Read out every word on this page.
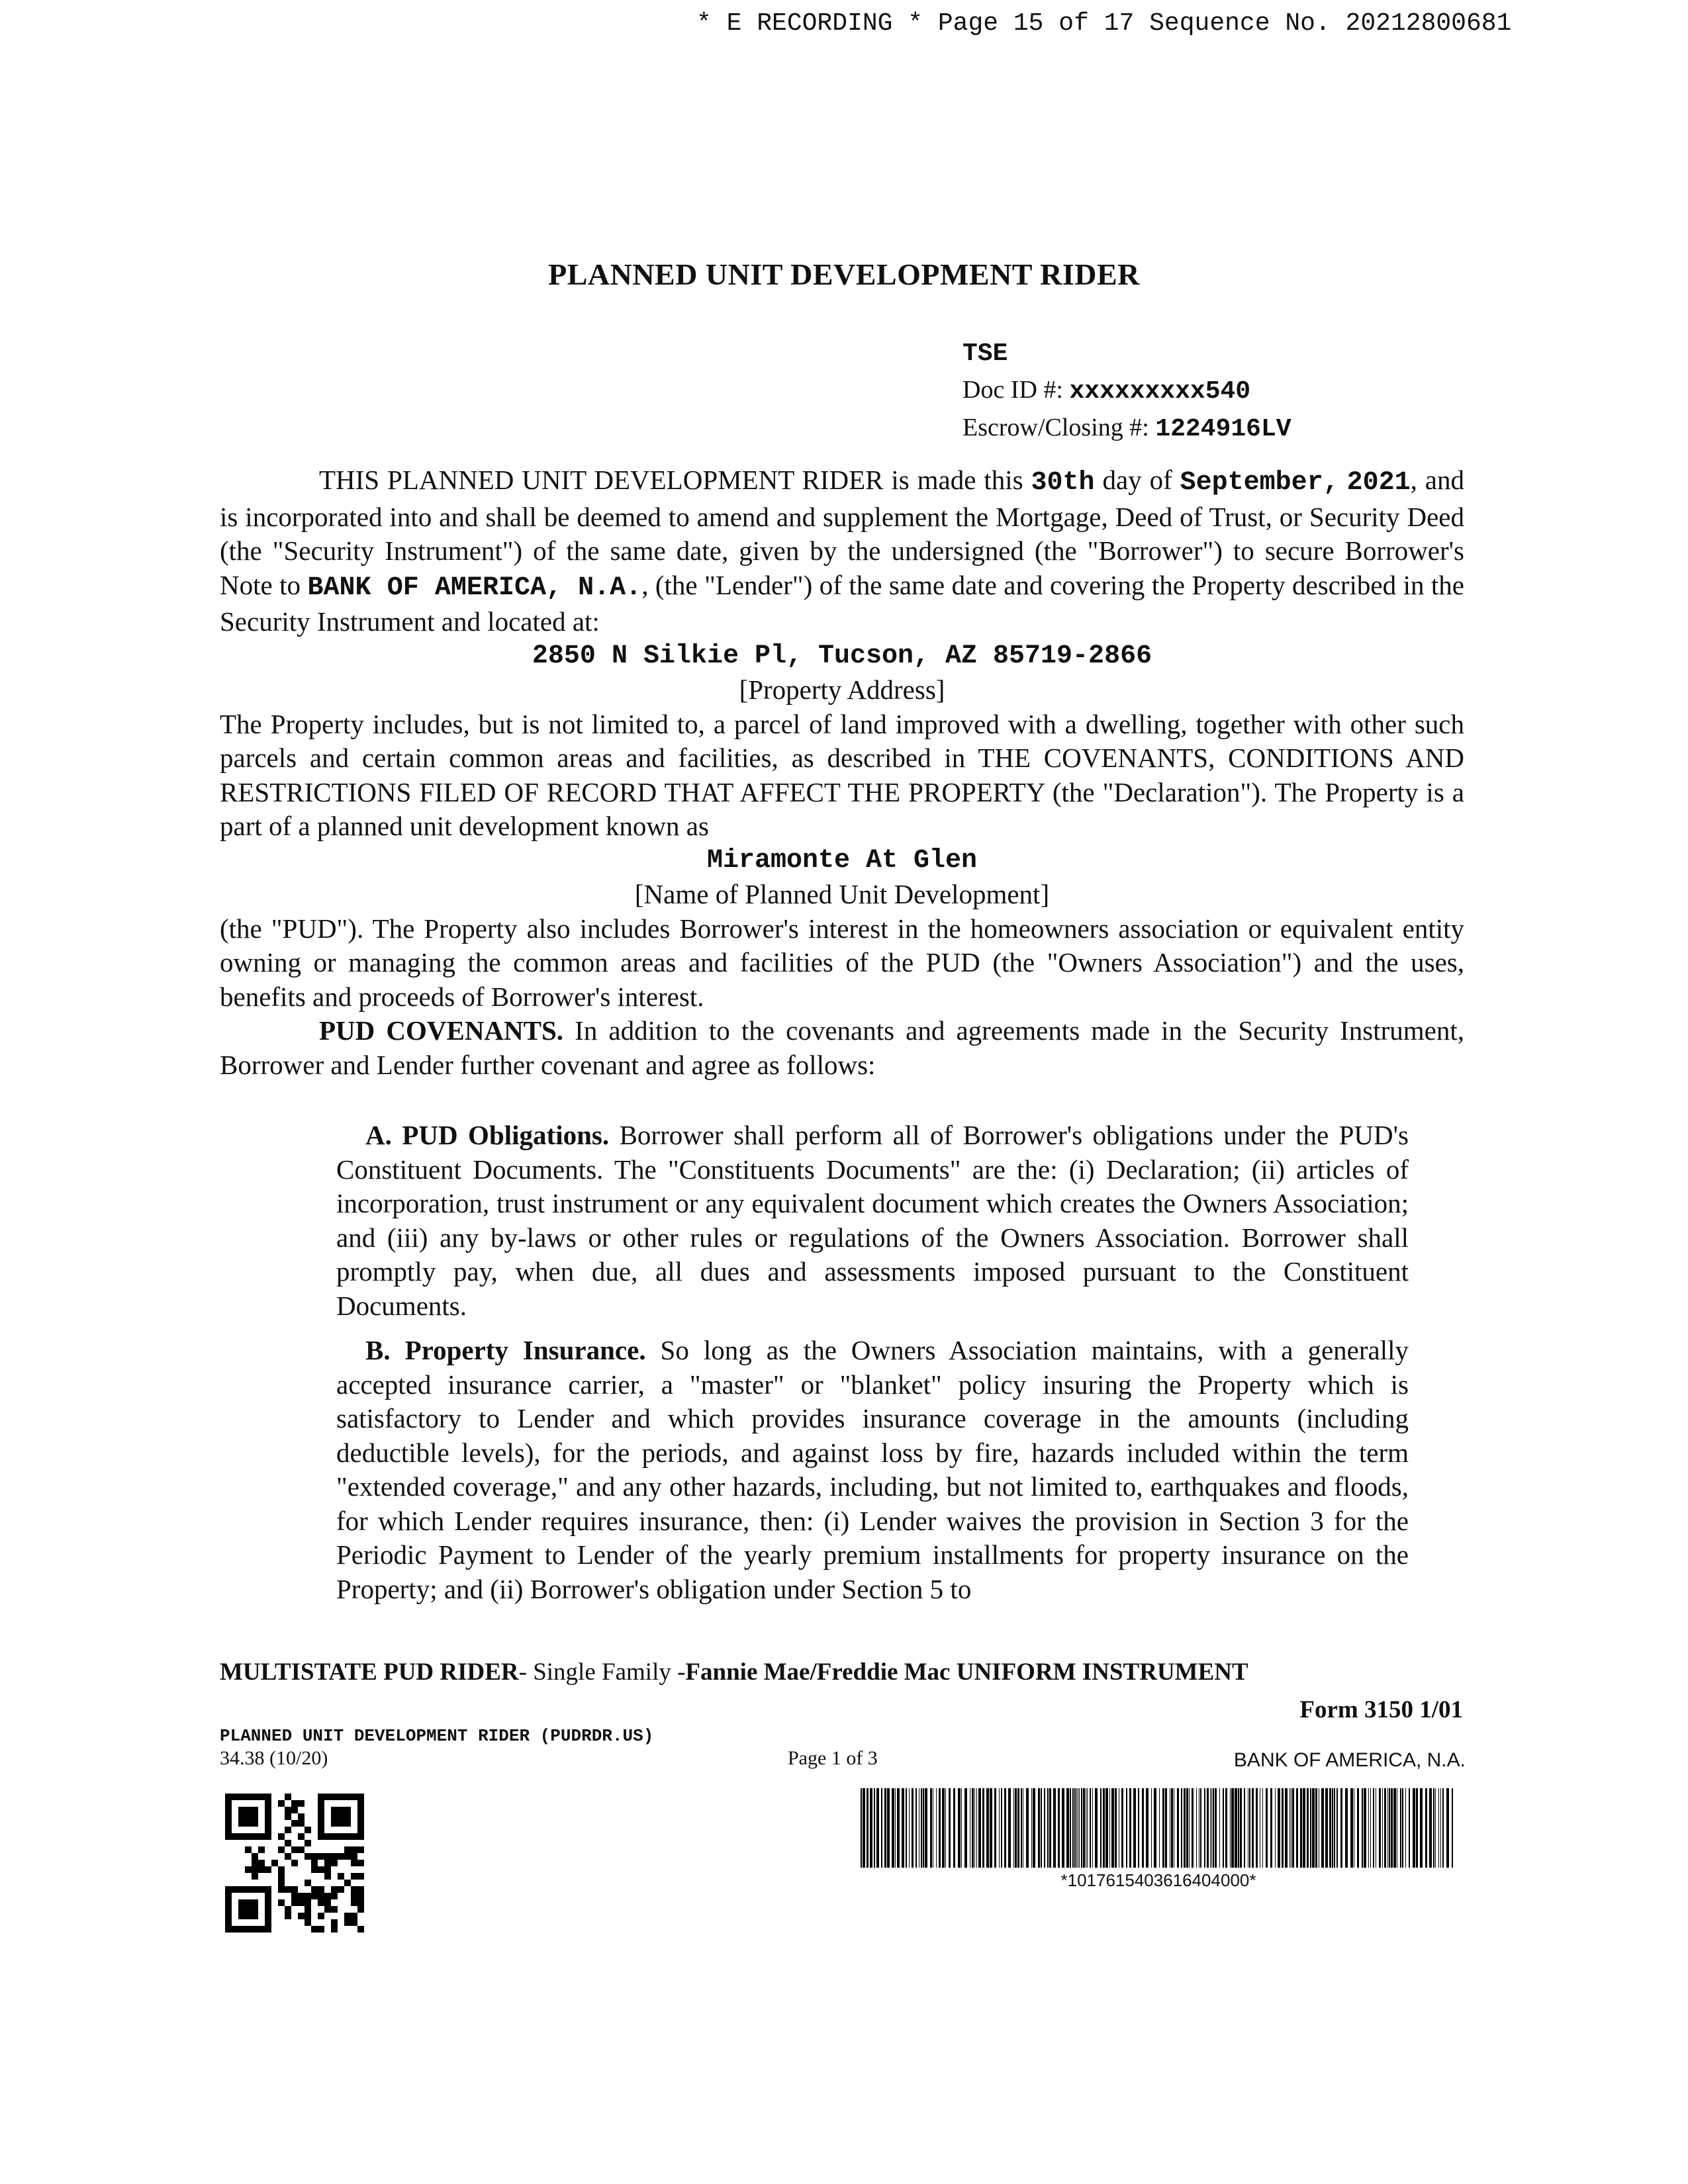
* E RECORDING * Page 15 of 17 Sequence No. 20212800681
PLANNED UNIT DEVELOPMENT RIDER
TSE
Doc ID #: xxxxxxxxx540
Escrow/Closing #: 1224916LV

THIS PLANNED UNIT DEVELOPMENT RIDER is made this 30th day of September, 2021, and is incorporated into and shall be deemed to amend and supplement the Mortgage, Deed of Trust, or Security Deed (the "Security Instrument") of the same date, given by the undersigned (the "Borrower") to secure Borrower's Note to BANK OF AMERICA, N.A., (the "Lender") of the same date and covering the Property described in the Security Instrument and located at:

2850 N Silkie Pl, Tucson, AZ 85719-2866

[Property Address]

The Property includes, but is not limited to, a parcel of land improved with a dwelling, together with other such parcels and certain common areas and facilities, as described in THE COVENANTS, CONDITIONS AND RESTRICTIONS FILED OF RECORD THAT AFFECT THE PROPERTY (the "Declaration"). The Property is a part of a planned unit development known as

Miramonte At Glen

[Name of Planned Unit Development]

(the "PUD"). The Property also includes Borrower's interest in the homeowners association or equivalent entity owning or managing the common areas and facilities of the PUD (the "Owners Association") and the uses, benefits and proceeds of Borrower's interest.

PUD COVENANTS. In addition to the covenants and agreements made in the Security Instrument, Borrower and Lender further covenant and agree as follows:

A. PUD Obligations. Borrower shall perform all of Borrower's obligations under the PUD's Constituent Documents. The "Constituents Documents" are the: (i) Declaration; (ii) articles of incorporation, trust instrument or any equivalent document which creates the Owners Association; and (iii) any by-laws or other rules or regulations of the Owners Association. Borrower shall promptly pay, when due, all dues and assessments imposed pursuant to the Constituent Documents.

B. Property Insurance. So long as the Owners Association maintains, with a generally accepted insurance carrier, a "master" or "blanket" policy insuring the Property which is satisfactory to Lender and which provides insurance coverage in the amounts (including deductible levels), for the periods, and against loss by fire, hazards included within the term "extended coverage," and any other hazards, including, but not limited to, earthquakes and floods, for which Lender requires insurance, then: (i) Lender waives the provision in Section 3 for the Periodic Payment to Lender of the yearly premium installments for property insurance on the Property; and (ii) Borrower's obligation under Section 5 to

MULTISTATE PUD RIDER- Single Family -Fannie Mae/Freddie Mac UNIFORM INSTRUMENT
Form 3150 1/01
PLANNED UNIT DEVELOPMENT RIDER (PUDRDR.US)
34.38 (10/20)	Page 1 of 3	BANK OF AMERICA, N.A.
*1017615403616404000*
